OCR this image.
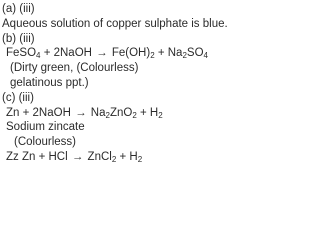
(a) (iii)
Aqueous solution of copper sulphate is blue.
(b) (iii)
FeSO$_4$ + 2NaOH → $Fe(OH)_2 + Na_2SO_4$
(Dirty green, (Colourless)
gelatinous ppt.)
(c) (iii)
Zn + 2NaOH → $Na_2ZnO_2 + H_2$
Sodium zincate
(Colourless)
Zz Zn + HCl → ZnCl$_2$ + $H_2$
